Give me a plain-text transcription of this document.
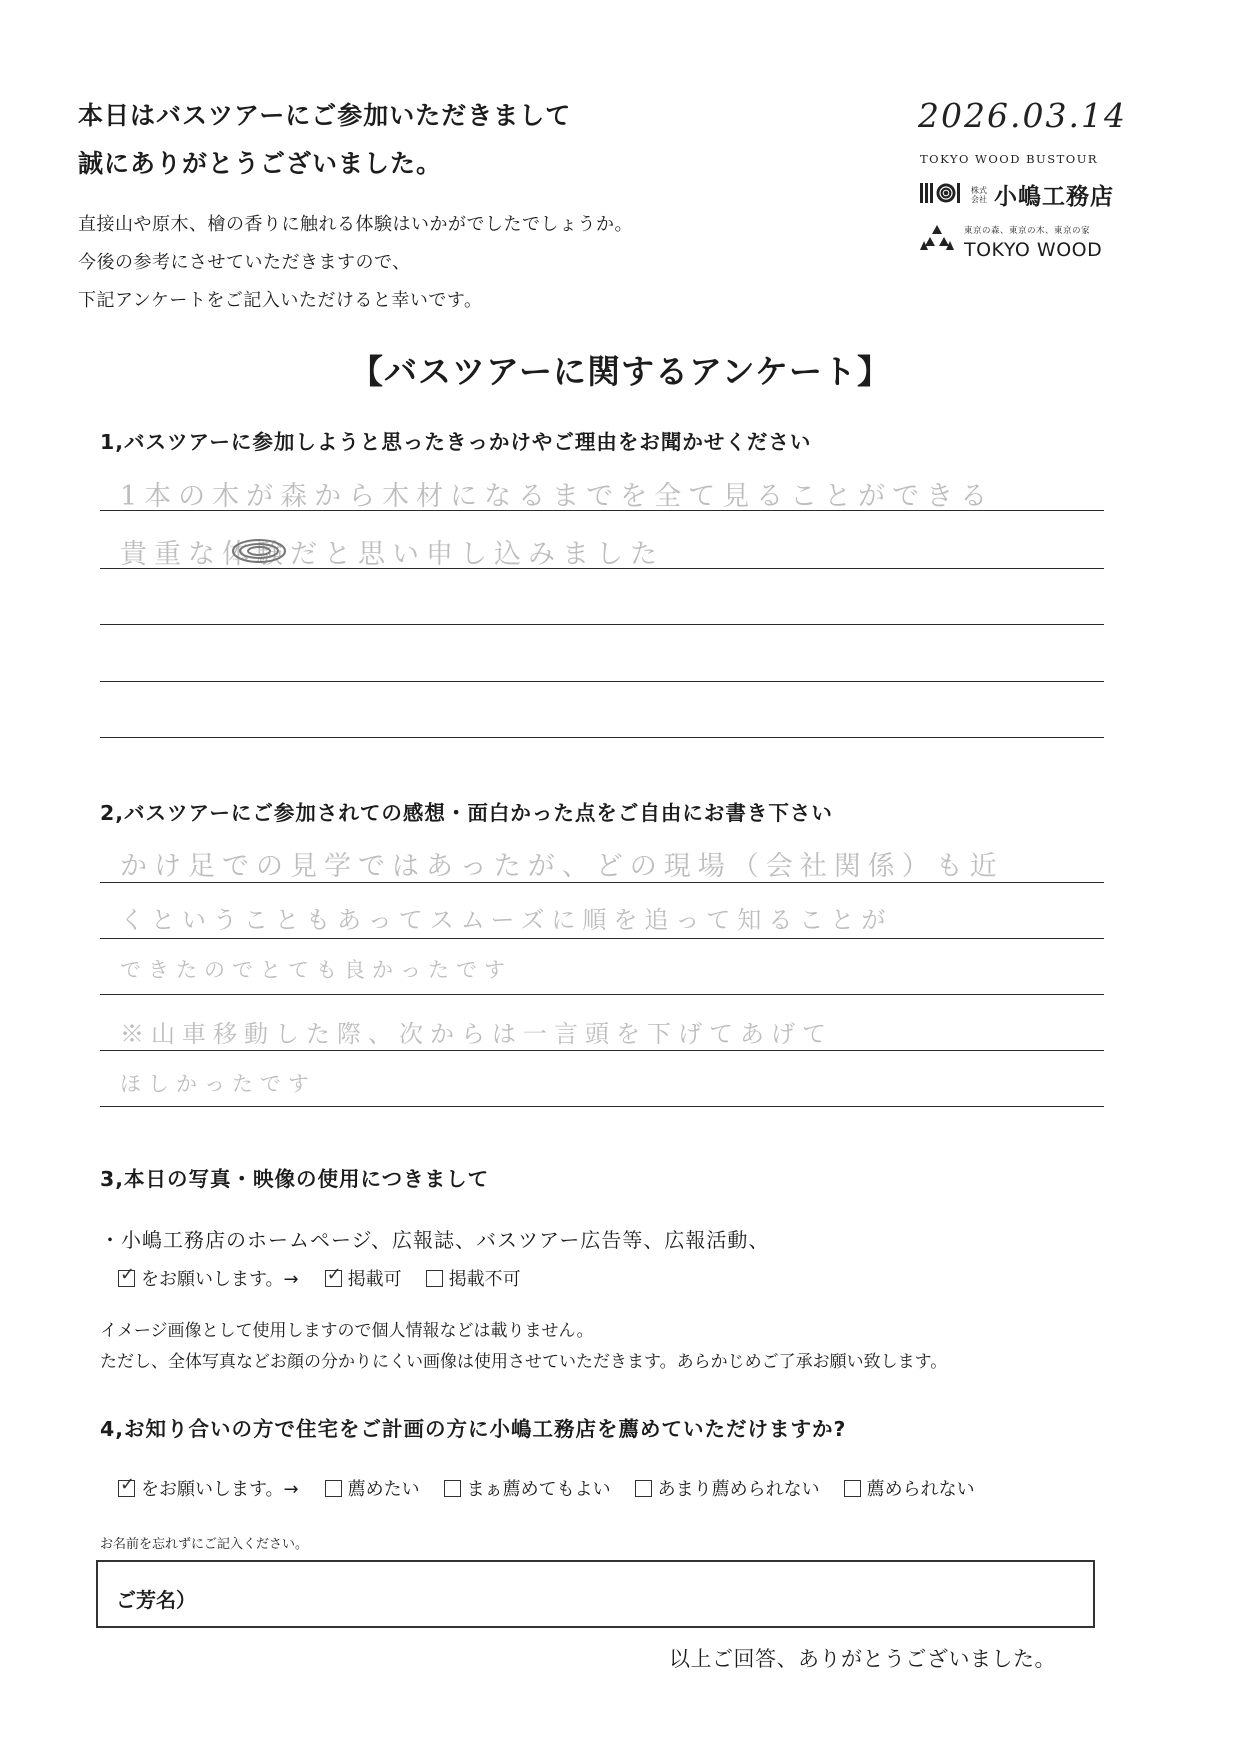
本日はバスツアーにご参加いただきまして
誠にありがとうございました。
直接山や原木、檜の香りに触れる体験はいかがでしたでしょうか。
今後の参考にさせていただきますので、
下記アンケートをご記入いただけると幸いです。
2026.03.14
TOKYO WOOD BUSTOUR
株式会社 小嶋工務店
東京の森、東京の木、東京の家
TOKYO WOOD
【バスツアーに関するアンケート】
1,バスツアーに参加しようと思ったきっかけやご理由をお聞かせください
1本の木が森から木材になるまでを全て見ることができる
貴重な体験だと思い申し込みました
2,バスツアーにご参加されての感想・面白かった点をご自由にお書き下さい
かけ足での見学ではあったが、どの現場（会社関係）も近
くということもあってスムーズに順を追って知ることが
できたのでとても良かったです
※山車移動した際、次からは一言頭を下げてあげて
ほしかったです
3,本日の写真・映像の使用につきまして
・小嶋工務店のホームページ、広報誌、バスツアー広告等、広報活動、
✓
をお願いします。→
✓	掲載可	掲載不可
イメージ画像として使用しますので個人情報などは載りません。
ただし、全体写真などお顔の分かりにくい画像は使用させていただきます。あらかじめご了承お願い致します。
4,お知り合いの方で住宅をご計画の方に小嶋工務店を薦めていただけますか?
✓
をお願いします。→	薦めたい	まぁ薦めてもよい	あまり薦められない	薦められない
お名前を忘れずにご記入ください。
ご芳名）
以上ご回答、ありがとうございました。
